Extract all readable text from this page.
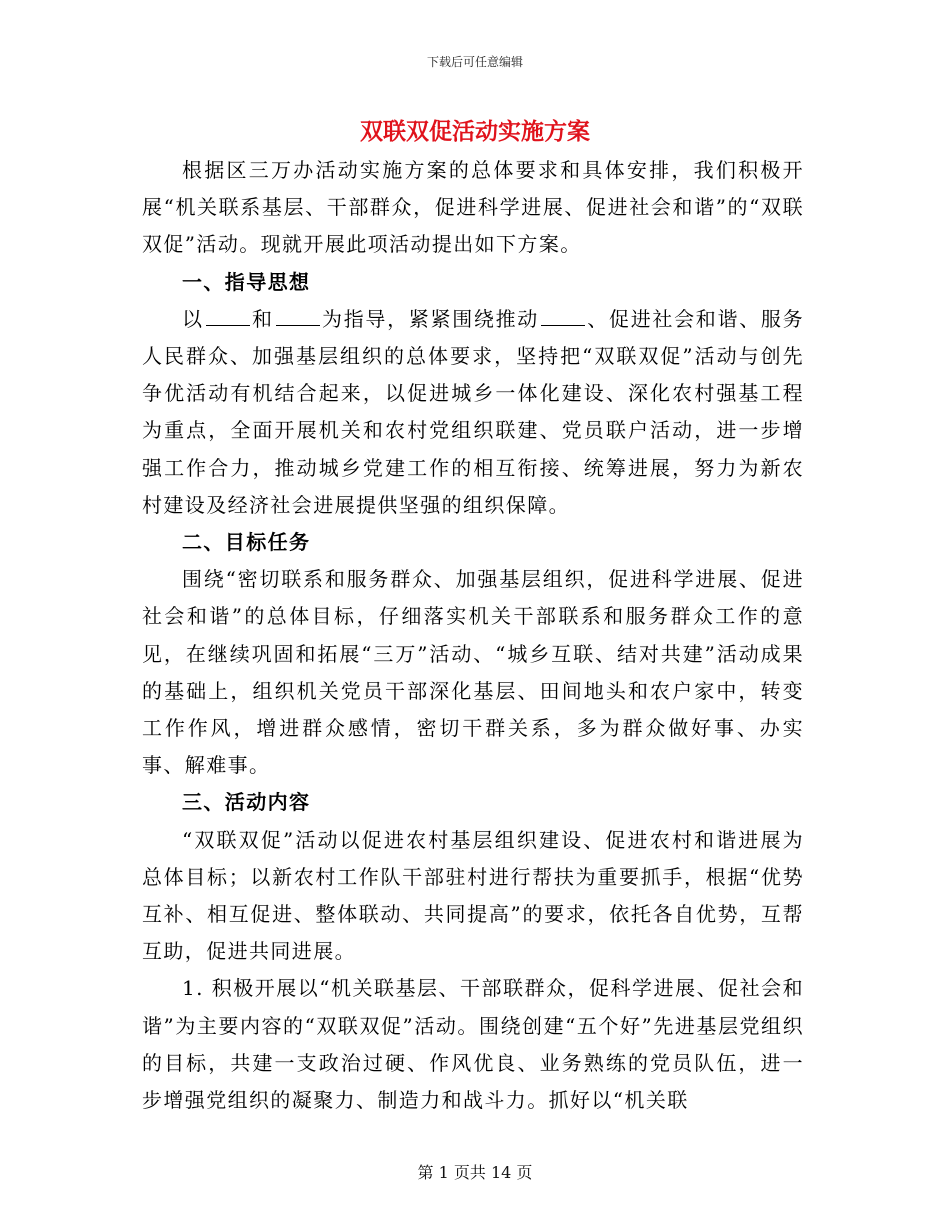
下载后可任意编辑
双联双促活动实施方案

根据区三万办活动实施方案的总体要求和具体安排，我们积极开展“机关联系基层、干部群众，促进科学进展、促进社会和谐”的“双联双促”活动。现就开展此项活动提出如下方案。

一、指导思想

以 和 为指导，紧紧围绕推动 、促进社会和谐、服务人民群众、加强基层组织的总体要求，坚持把“双联双促”活动与创先争优活动有机结合起来，以促进城乡一体化建设、深化农村强基工程为重点，全面开展机关和农村党组织联建、党员联户活动，进一步增强工作合力，推动城乡党建工作的相互衔接、统筹进展，努力为新农村建设及经济社会进展提供坚强的组织保障。

二、目标任务

围绕“密切联系和服务群众、加强基层组织，促进科学进展、促进社会和谐”的总体目标，仔细落实机关干部联系和服务群众工作的意见，在继续巩固和拓展“三万”活动、“城乡互联、结对共建”活动成果的基础上，组织机关党员干部深化基层、田间地头和农户家中，转变工作作风，增进群众感情，密切干群关系，多为群众做好事、办实事、解难事。

三、活动内容

“双联双促”活动以促进农村基层组织建设、促进农村和谐进展为总体目标；以新农村工作队干部驻村进行帮扶为重要抓手，根据“优势互补、相互促进、整体联动、共同提高”的要求，依托各自优势，互帮互助，促进共同进展。

1. 积极开展以“机关联基层、干部联群众，促科学进展、促社会和谐”为主要内容的“双联双促”活动。围绕创建“五个好”先进基层党组织的目标，共建一支政治过硬、作风优良、业务熟练的党员队伍，进一步增强党组织的凝聚力、制造力和战斗力。抓好以“机关联

第 1 页共 14 页
